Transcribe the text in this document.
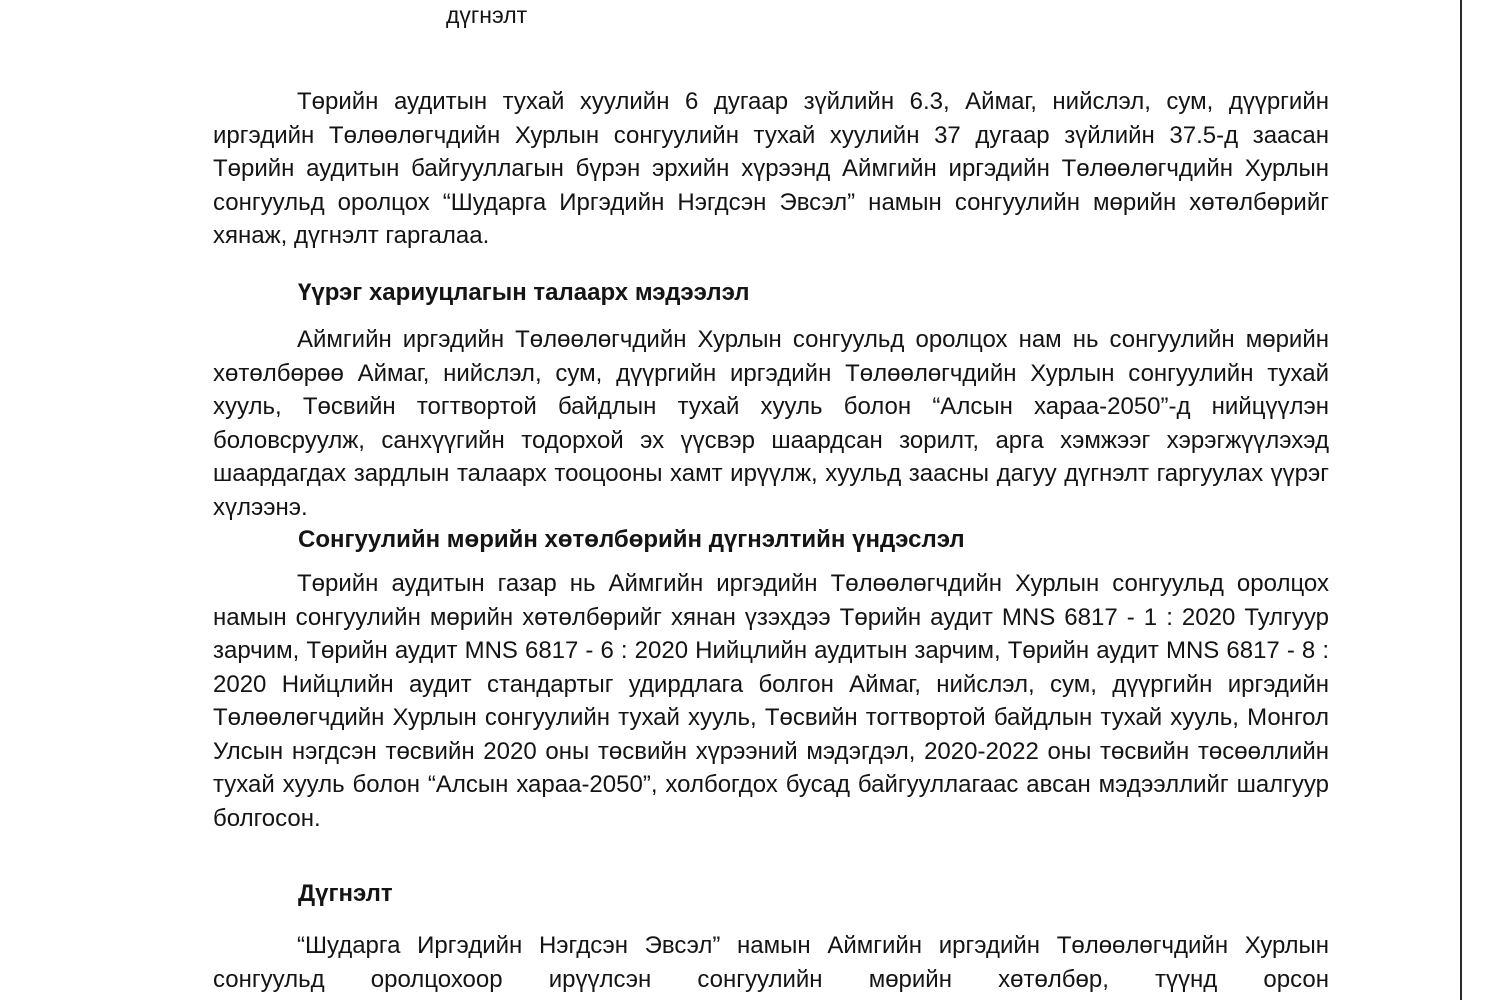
дүгнэлт

Төрийн аудитын тухай хуулийн 6 дугаар зүйлийн 6.3, Аймаг, нийслэл, сум, дүүргийн иргэдийн Төлөөлөгчдийн Хурлын сонгуулийн тухай хуулийн 37 дугаар зүйлийн 37.5-д заасан Төрийн аудитын байгууллагын бүрэн эрхийн хүрээнд Аймгийн иргэдийн Төлөөлөгчдийн Хурлын сонгуульд оролцох “Шударга Иргэдийн Нэгдсэн Эвсэл” намын сонгуулийн мөрийн хөтөлбөрийг хянаж, дүгнэлт гаргалаа.

Үүрэг хариуцлагын талаарх мэдээлэл

Аймгийн иргэдийн Төлөөлөгчдийн Хурлын сонгуульд оролцох нам нь сонгуулийн мөрийн хөтөлбөрөө Аймаг, нийслэл, сум, дүүргийн иргэдийн Төлөөлөгчдийн Хурлын сонгуулийн тухай хууль, Төсвийн тогтвортой байдлын тухай хууль болон “Алсын хараа-2050”-д нийцүүлэн боловсруулж, санхүүгийн тодорхой эх үүсвэр шаардсан зорилт, арга хэмжээг хэрэгжүүлэхэд шаардагдах зардлын талаарх тооцооны хамт ирүүлж, хуульд заасны дагуу дүгнэлт гаргуулах үүрэг хүлээнэ.

Сонгуулийн мөрийн хөтөлбөрийн дүгнэлтийн үндэслэл

Төрийн аудитын газар нь Аймгийн иргэдийн Төлөөлөгчдийн Хурлын сонгуульд оролцох намын сонгуулийн мөрийн хөтөлбөрийг хянан үзэхдээ Төрийн аудит MNS 6817 - 1 : 2020 Тулгуур зарчим, Төрийн аудит MNS 6817 - 6 : 2020 Нийцлийн аудитын зарчим, Төрийн аудит MNS 6817 - 8 : 2020 Нийцлийн аудит стандартыг удирдлага болгон Аймаг, нийслэл, сум, дүүргийн иргэдийн Төлөөлөгчдийн Хурлын сонгуулийн тухай хууль, Төсвийн тогтвортой байдлын тухай хууль, Монгол Улсын нэгдсэн төсвийн 2020 оны төсвийн хүрээний мэдэгдэл, 2020-2022 оны төсвийн төсөөллийн тухай хууль болон “Алсын хараа-2050”, холбогдох бусад байгууллагаас авсан мэдээллийг шалгуур болгосон.

Дүгнэлт

“Шударга Иргэдийн Нэгдсэн Эвсэл” намын Аймгийн иргэдийн Төлөөлөгчдийн Хурлын сонгуульд оролцохоор ирүүлсэн сонгуулийн мөрийн хөтөлбөр, түүнд орсон
